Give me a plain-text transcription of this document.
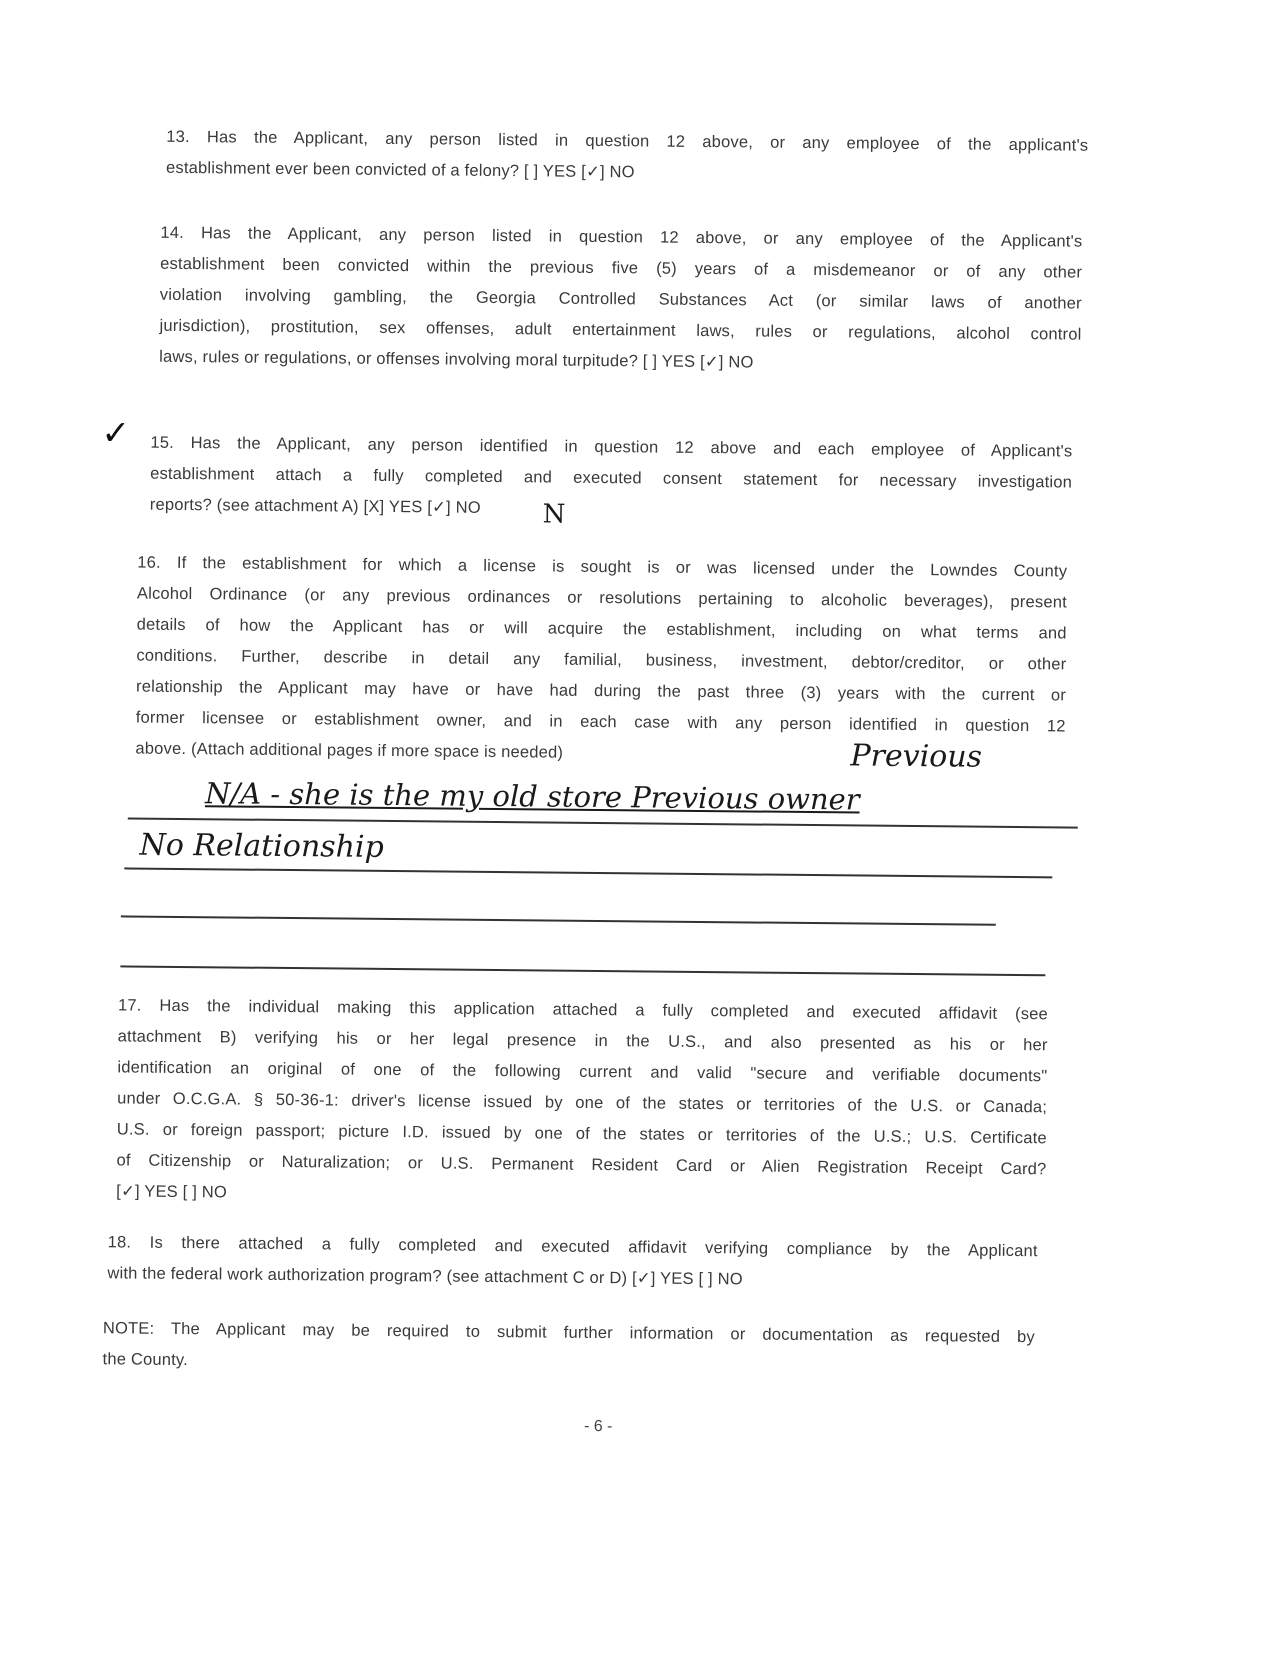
13. Has the Applicant, any person listed in question 12 above, or any employee of the applicant's
establishment ever been convicted of a felony? [ ] YES [✓] NO
14. Has the Applicant, any person listed in question 12 above, or any employee of the Applicant's
establishment been convicted within the previous five (5) years of a misdemeanor or of any other
violation involving gambling, the Georgia Controlled Substances Act (or similar laws of another
jurisdiction), prostitution, sex offenses, adult entertainment laws, rules or regulations, alcohol control
laws, rules or regulations, or offenses involving moral turpitude? [ ] YES [✓] NO
15. Has the Applicant, any person identified in question 12 above and each employee of Applicant's
establishment attach a fully completed and executed consent statement for necessary investigation
reports? (see attachment A) [X] YES [✓] NO
16. If the establishment for which a license is sought is or was licensed under the Lowndes County
Alcohol Ordinance (or any previous ordinances or resolutions pertaining to alcoholic beverages), present
details of how the Applicant has or will acquire the establishment, including on what terms and
conditions. Further, describe in detail any familial, business, investment, debtor/creditor, or other
relationship the Applicant may have or have had during the past three (3) years with the current or
former licensee or establishment owner, and in each case with any person identified in question 12
above. (Attach additional pages if more space is needed)
17. Has the individual making this application attached a fully completed and executed affidavit (see
attachment B) verifying his or her legal presence in the U.S., and also presented as his or her
identification an original of one of the following current and valid "secure and verifiable documents"
under O.C.G.A. § 50-36-1: driver's license issued by one of the states or territories of the U.S. or Canada;
U.S. or foreign passport; picture I.D. issued by one of the states or territories of the U.S.; U.S. Certificate
of Citizenship or Naturalization; or U.S. Permanent Resident Card or Alien Registration Receipt Card?
[✓] YES [ ] NO
18. Is there attached a fully completed and executed affidavit verifying compliance by the Applicant
with the federal work authorization program? (see attachment C or D) [✓] YES [ ] NO
NOTE: The Applicant may be required to submit further information or documentation as requested by
the County.
✓
N
Previous
N/A - she is the my old store Previous owner
No Relationship
- 6 -
